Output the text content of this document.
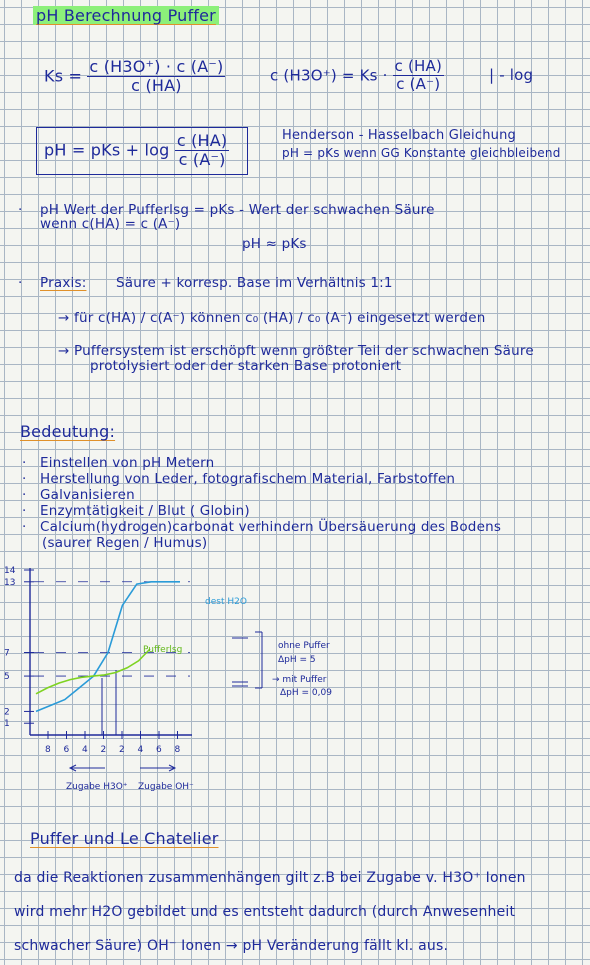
pH Berechnung Puffer
$Ks = \frac{c (H3O^+) \cdot c (A^-)}{c (HA)}$	c $(H3O^+) = Ks \cdot \frac{c (HA)}{c (A^-)}$	| - log
pH = pKs + $\log \frac{c (HA)}{c (A^-)}$	Henderson - Hasselbach Gleichung
pH = pKs wenn GG Konstante gleichbleibend
· pH Wert der Pufferlsg = pKs - Wert der schwachen Säure
wenn c(HA) = c (A⁻)
pH ≈ pKs
· Praxis: Säure + korresp. Base im Verhältnis 1:1
→ für c(HA) / c(A⁻) können c₀ (HA) / c₀ (A⁻) eingesetzt werden
→ Puffersystem ist erschöpft wenn größter Teil der schwachen Säure
protolysiert oder der starken Base protoniert
Bedeutung:
·   Einstellen von pH Metern
·   Herstellung von Leder, fotografischem Material, Farbstoffen
·   Galvanisieren
·   Enzymtätigkeit / Blut ( Globin)
·   Calcium(hydrogen)carbonat verhindern Übersäuerung des Bodens
(saurer Regen / Humus)
14
13
7
5
2
1
8 6 4 2 2 4 6 8
dest H2O
Pufferlsg	ohne Puffer
ΔpH = 5
→ mit Puffer
ΔpH = 0,09
Zugabe H3O⁺ Zugabe OH⁻
Puffer und Le Chatelier
da die Reaktionen zusammenhängen gilt z.B bei Zugabe v. H3O⁺ Ionen
wird mehr H2O gebildet und es entsteht dadurch (durch Anwesenheit
schwacher Säure) OH⁻ Ionen → pH Veränderung fällt kl. aus.
